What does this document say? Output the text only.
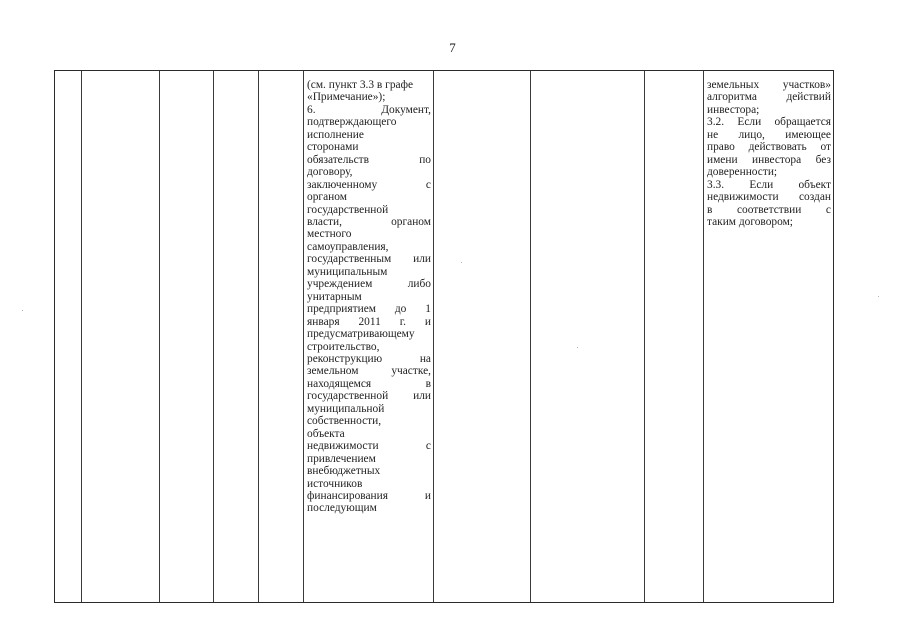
7
(см. пункт 3.3 в графе
«Примечание»);
6. Документ,
подтверждающего
исполнение
сторонами
обязательств по
договору,
заключенному с
органом
государственной
власти, органом
местного
самоуправления,
государственным или
муниципальным
учреждением либо
унитарным
предприятием до 1
января 2011 г. и
предусматривающему
строительство,
реконструкцию на
земельном участке,
находящемся в
государственной или
муниципальной
собственности,
объекта
недвижимости с
привлечением
внебюджетных
источников
финансирования и
последующим
земельных участков»
алгоритма действий
инвестора;
3.2. Если обращается
не лицо, имеющее
право действовать от
имени инвестора без
доверенности;
3.3. Если объект
недвижимости создан
в соответствии с
таким договором;
